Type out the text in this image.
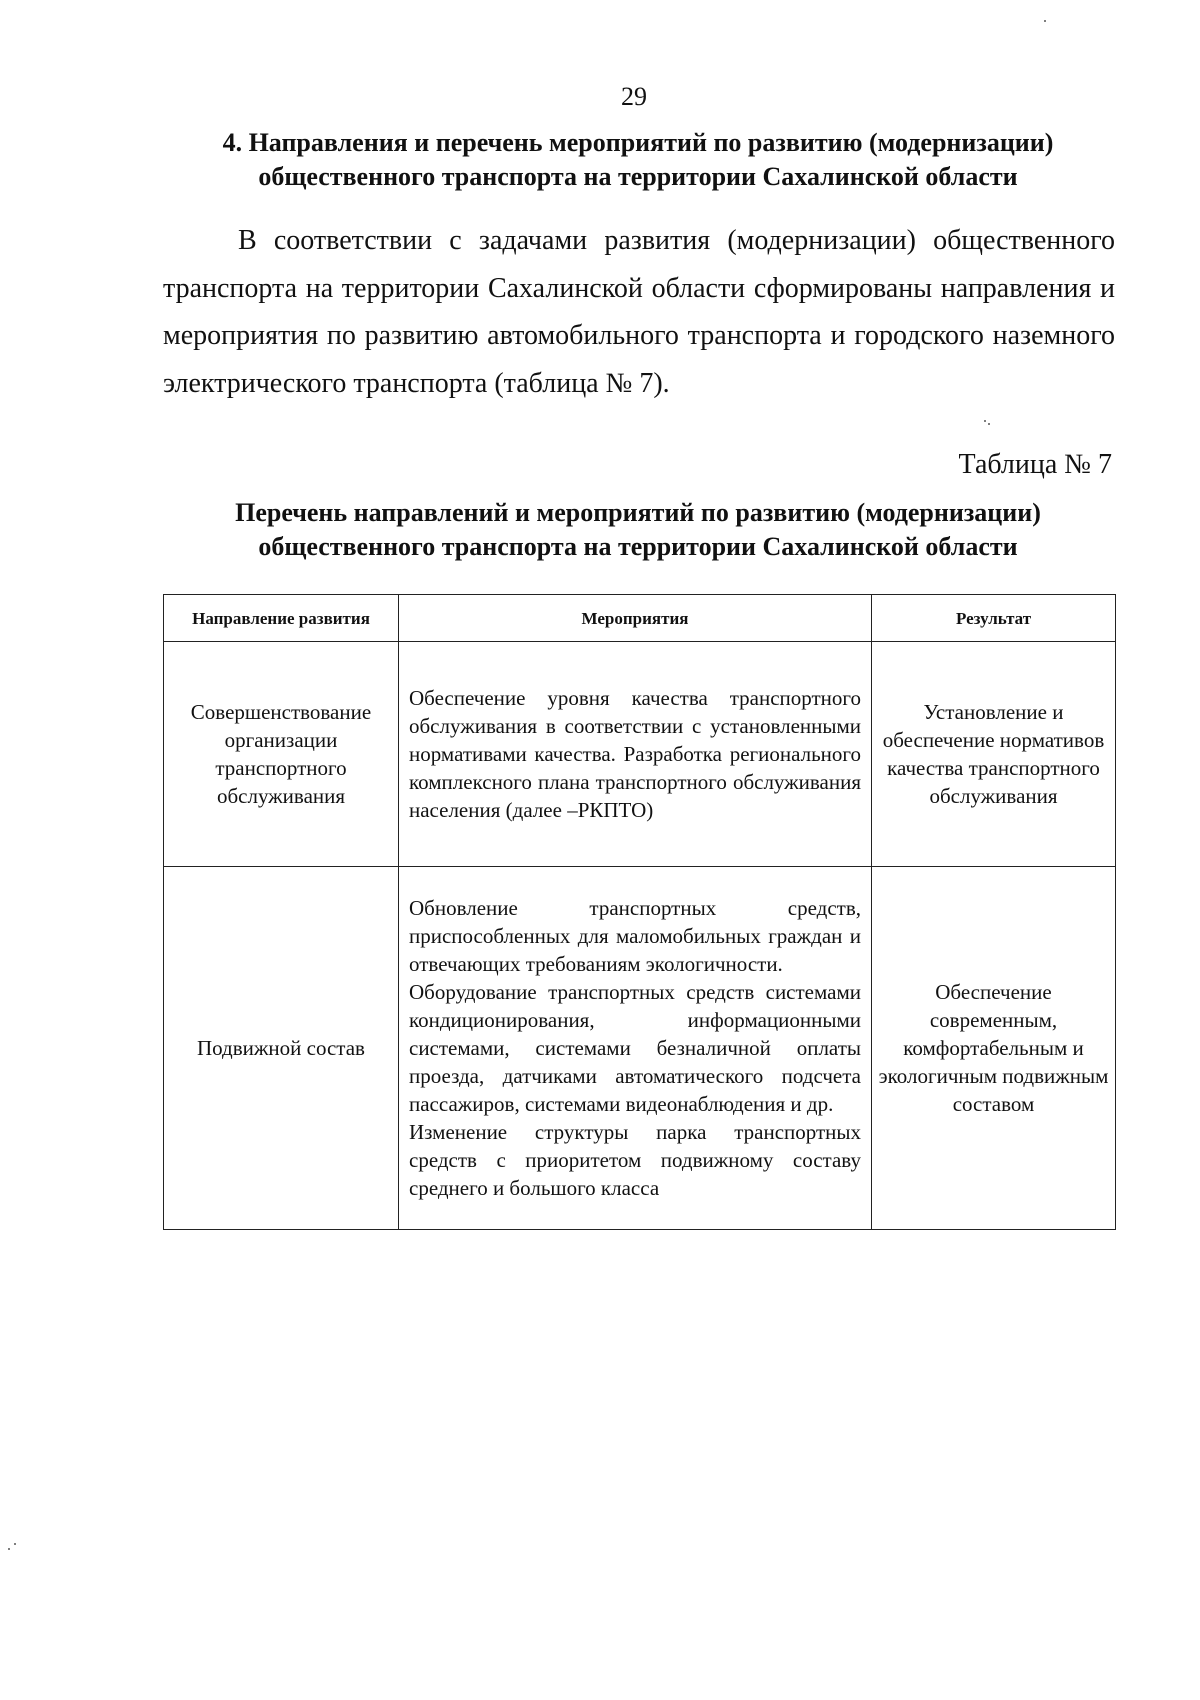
29
4. Направления и перечень мероприятий по развитию (модернизации)
общественного транспорта на территории Сахалинской области

В соответствии с задачами развития (модернизации) общественного транспорта на территории Сахалинской области сформированы направления и мероприятия по развитию автомобильного транспорта и городского наземного электрического транспорта (таблица № 7).

Таблица № 7
Перечень направлений и мероприятий по развитию (модернизации)
общественного транспорта на территории Сахалинской области
Направление развития	Мероприятия	Результат

Совершенствование организации транспортного обслуживания	Обеспечение уровня качества транспортного обслуживания в соответствии с установленными нормативами качества. Разработка регионального комплексного плана транспортного обслуживания населения (далее –РКПТО)	Установление и обеспечение нормативов качества транспортного обслуживания

Подвижной состав	Обновление транспортных средств, приспособленных для маломобильных граждан и отвечающих требованиям экологичности.
Оборудование транспортных средств системами кондиционирования, информационными системами, системами безналичной оплаты проезда, датчиками автоматического подсчета пассажиров, системами видеонаблюдения и др.
Изменение структуры парка транспортных средств с приоритетом подвижному составу среднего и большого класса	Обеспечение современным, комфортабельным и экологичным подвижным составом
